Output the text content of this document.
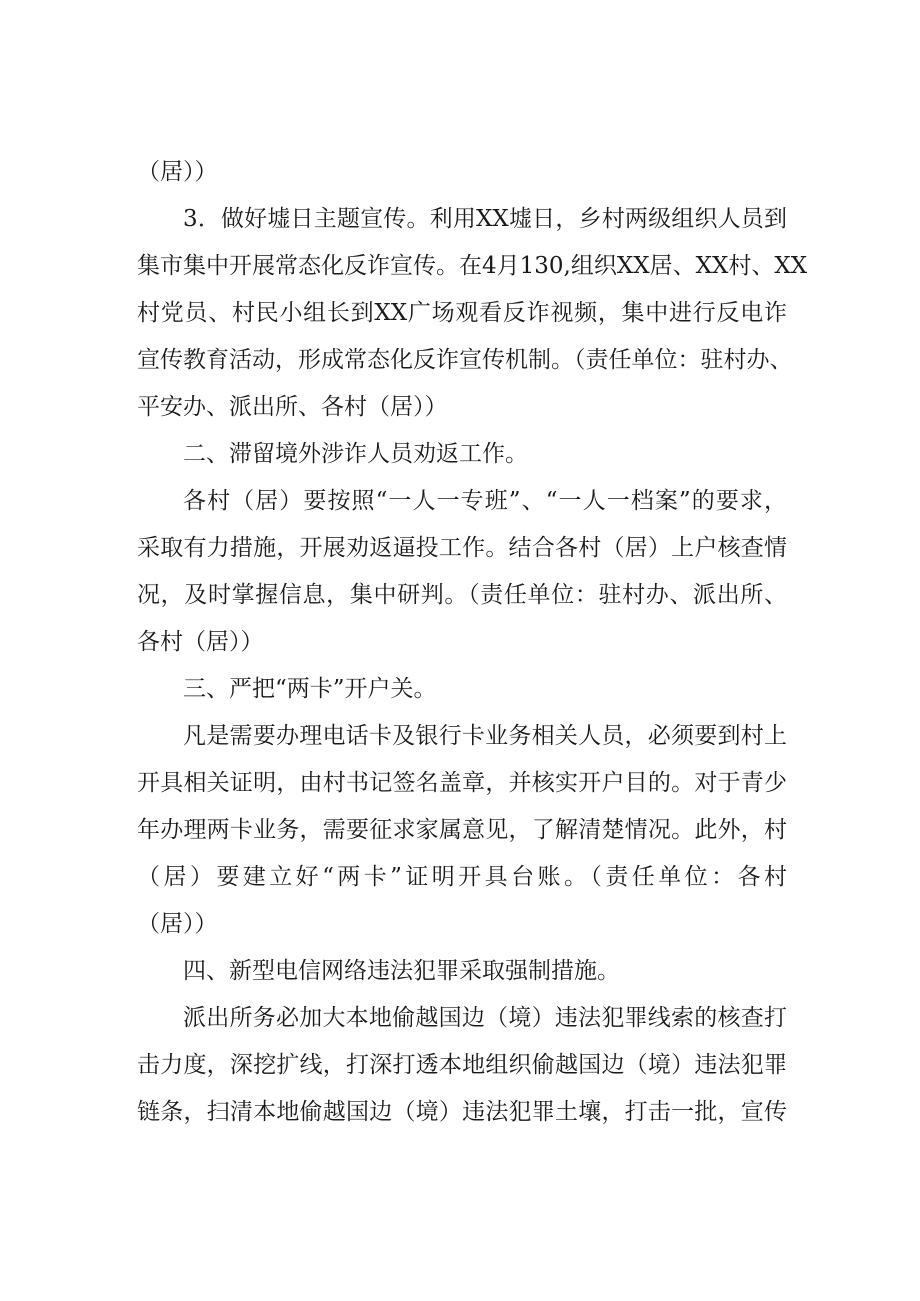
（居））
3．做好墟日主题宣传。利用XX墟日，乡村两级组织人员到
集市集中开展常态化反诈宣传。在4月130,组织XX居、XX村、XX
村党员、村民小组长到XX广场观看反诈视频，集中进行反电诈
宣传教育活动，形成常态化反诈宣传机制。（责任单位：驻村办、
平安办、派出所、各村（居））
二、滞留境外涉诈人员劝返工作。
各村（居）要按照“一人一专班”、“一人一档案”的要求，
采取有力措施，开展劝返逼投工作。结合各村（居）上户核查情
况，及时掌握信息，集中研判。（责任单位：驻村办、派出所、
各村（居））
三、严把“两卡”开户关。
凡是需要办理电话卡及银行卡业务相关人员，必须要到村上
开具相关证明，由村书记签名盖章，并核实开户目的。对于青少
年办理两卡业务，需要征求家属意见，了解清楚情况。此外，村
（居）要建立好“两卡”证明开具台账。（责任单位：各村
（居））
四、新型电信网络违法犯罪采取强制措施。
派出所务必加大本地偷越国边（境）违法犯罪线索的核查打
击力度，深挖扩线，打深打透本地组织偷越国边（境）违法犯罪
链条，扫清本地偷越国边（境）违法犯罪土壤，打击一批，宣传
